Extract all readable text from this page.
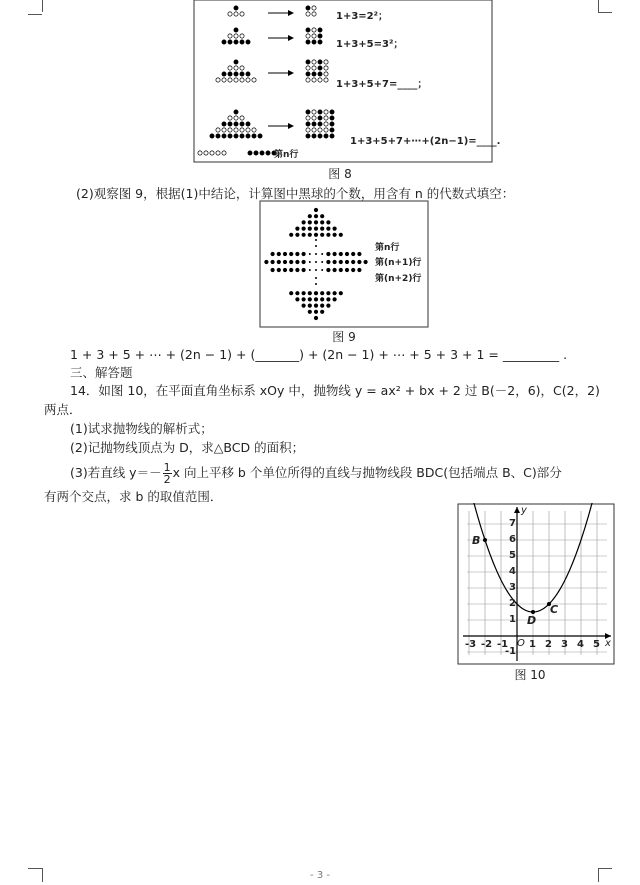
1+3=2²；
1+3+5=3²；
1+3+5+7=____；
1+3+5+7+⋯+(2n−1)=____.
第n行
图 8
(2)观察图 9，根据(1)中结论，计算图中黑球的个数，用含有 n 的代数式填空：
第n行
第(n+1)行
第(n+2)行
图 9
1 + 3 + 5 + ⋯ + (2n − 1) + (_______) + (2n − 1) + ⋯ + 5 + 3 + 1 = _________ .
三、解答题
14．如图 10，在平面直角坐标系 xOy 中，抛物线 y = ax² + bx + 2 过 B(－2，6)，C(2，2)
两点．
(1)试求抛物线的解析式；
(2)记抛物线顶点为 D，求△BCD 的面积；
(3)若直线 $y=- \frac{1}{2}$ x 向上平移 b 个单位所得的直线与抛物线段 BDC(包括端点 B、C)部分
有两个交点，求 b 的取值范围．
B
C
D
y
x
O
-3 -2 -1 1 2 3 4 5
7
6
5
4
3
2
1
-1
图 10
- 3 -
